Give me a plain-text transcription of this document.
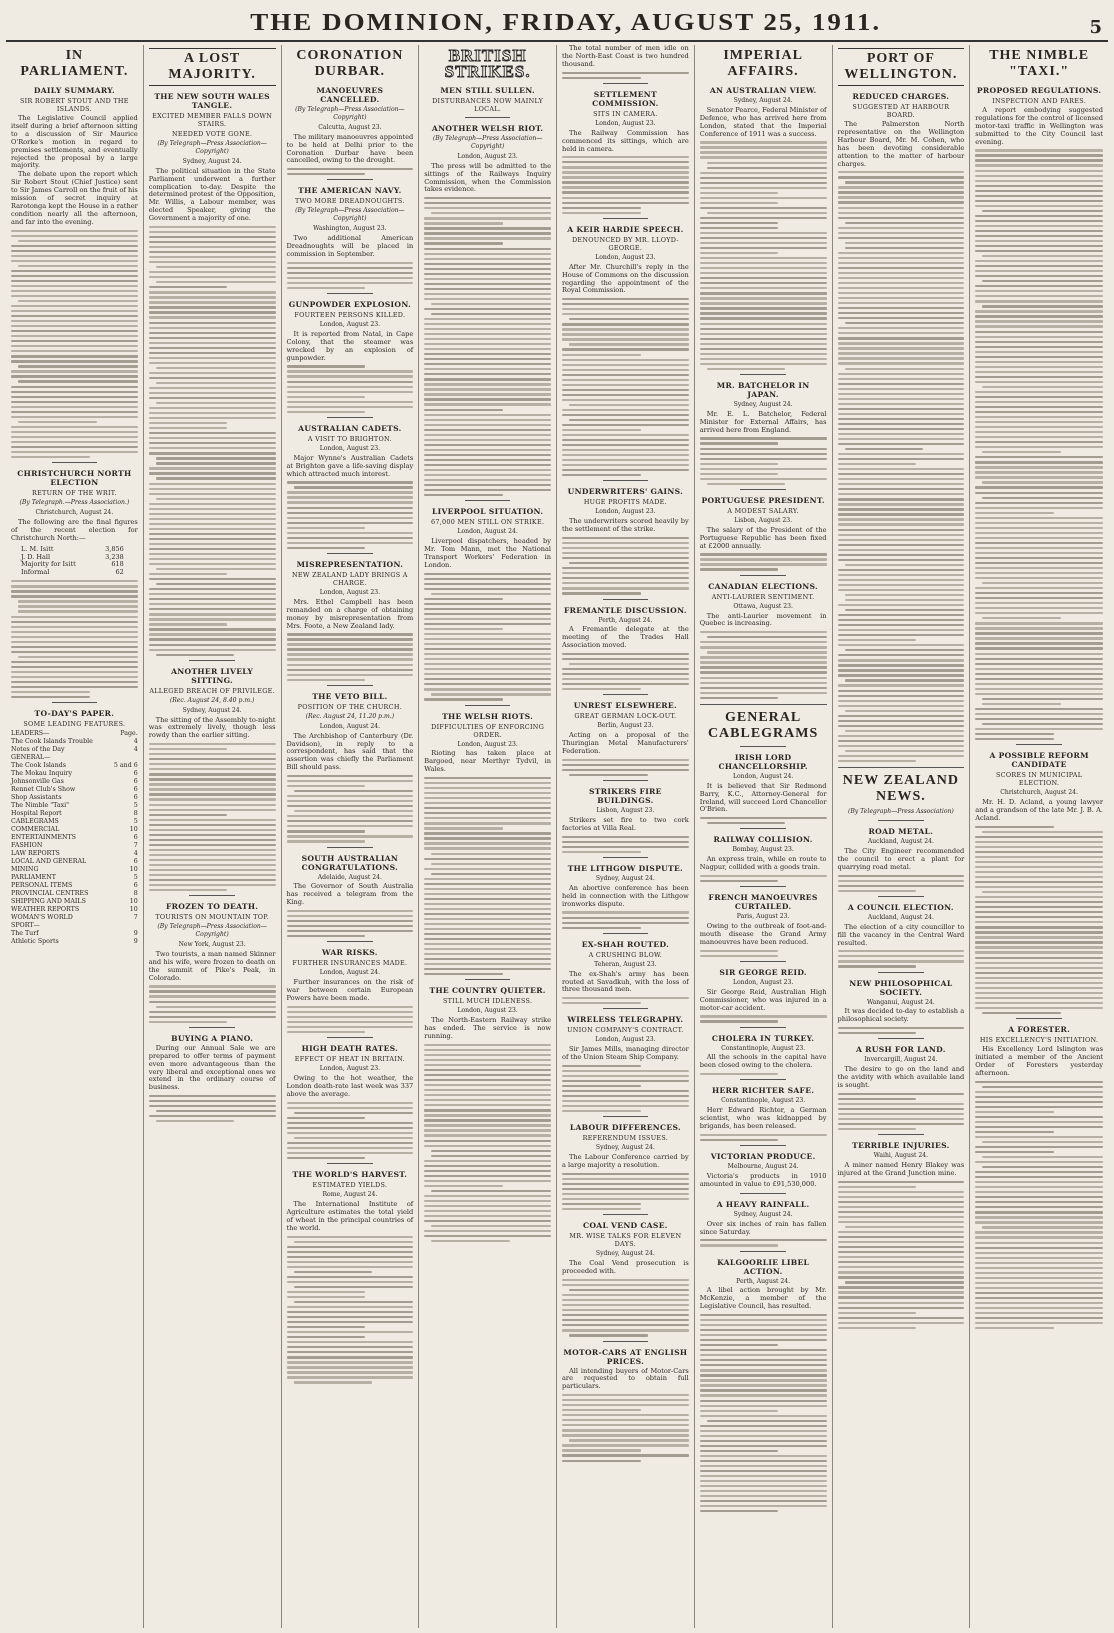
THE DOMINION, FRIDAY, AUGUST 25, 1911.	5
IN PARLIAMENT.
DAILY SUMMARY.
SIR ROBERT STOUT AND THE ISLANDS.
The Legislative Council applied itself during a brief afternoon sitting to a discussion of Sir Maurice O'Rorke's motion in regard to premises settlements, and eventually rejected the proposal by a large majority.
The debate upon the report which Sir Robert Stout (Chief Justice) sent to Sir James Carroll on the fruit of his mission of secret inquiry at Rarotonga kept the House in a rather condition nearly all the afternoon, and far into the evening.
CHRISTCHURCH NORTH ELECTION
RETURN OF THE WRIT.
(By Telegraph.—Press Association.)
Christchurch, August 24.
The following are the final figures of the recent election for Christchurch North:—
L. M. Isitt	3,856
J. D. Hall	3,238
Majority for Isitt	618
Informal	62
TO-DAY'S PAPER.
SOME LEADING FEATURES.
LEADERS—	Page.
The Cook Islands Trouble	4
Notes of the Day	4
GENERAL—
The Cook Islands	5 and 6
The Mokau Inquiry	6
Johnsonville Gas	6
Rennet Club's Show	6
Shop Assistants	6
The Nimble "Taxi"	5
Hospital Report	8
CABLEGRAMS	5
COMMERCIAL	10
ENTERTAINMENTS	6
FASHION	7
LAW REPORTS	4
LOCAL AND GENERAL	6
MINING	10
PARLIAMENT	5
PERSONAL ITEMS	6
PROVINCIAL CENTRES	8
SHIPPING AND MAILS	10
WEATHER REPORTS	10
WOMAN'S WORLD	7
SPORT—
The Turf	9
Athletic Sports	9
A LOST MAJORITY.
THE NEW SOUTH WALES TANGLE.
EXCITED MEMBER FALLS DOWN STAIRS.
NEEDED VOTE GONE.
(By Telegraph—Press Association—Copyright)
Sydney, August 24.
The political situation in the State Parliament underwent a further complication to-day. Despite the determined protest of the Opposition, Mr. Willis, a Labour member, was elected Speaker, giving the Government a majority of one.
ANOTHER LIVELY SITTING.
ALLEGED BREACH OF PRIVILEGE.
(Rec. August 24, 8.40 p.m.)
Sydney, August 24.
The sitting of the Assembly to-night was extremely lively, though less rowdy than the earlier sitting.
FROZEN TO DEATH.
TOURISTS ON MOUNTAIN TOP.
(By Telegraph—Press Association—Copyright)
New York, August 23.
Two tourists, a man named Skinner and his wife, were frozen to death on the summit of Pike's Peak, in Colorado.
BUYING A PIANO.
During our Annual Sale we are prepared to offer terms of payment even more advantageous than the very liberal and exceptional ones we extend in the ordinary course of business.
CORONATION DURBAR.
MANOEUVRES CANCELLED.
(By Telegraph—Press Association—Copyright)
Calcutta, August 23.
The military manoeuvres appointed to be held at Delhi prior to the Coronation Durbar have been cancelled, owing to the drought.
THE AMERICAN NAVY.
TWO MORE DREADNOUGHTS.
(By Telegraph—Press Association—Copyright)
Washington, August 23.
Two additional American Dreadnoughts will be placed in commission in September.
GUNPOWDER EXPLOSION.
FOURTEEN PERSONS KILLED.
London, August 23.
It is reported from Natal, in Cape Colony, that the steamer was wrecked by an explosion of gunpowder.
AUSTRALIAN CADETS.
A VISIT TO BRIGHTON.
London, August 23.
Major Wynne's Australian Cadets at Brighton gave a life-saving display which attracted much interest.
MISREPRESENTATION.
NEW ZEALAND LADY BRINGS A CHARGE.
London, August 23.
Mrs. Ethel Campbell has been remanded on a charge of obtaining money by misrepresentation from Mrs. Foote, a New Zealand lady.
THE VETO BILL.
POSITION OF THE CHURCH.
(Rec. August 24, 11.20 p.m.)
London, August 24.
The Archbishop of Canterbury (Dr. Davidson), in reply to a correspondent, has said that the assertion was chiefly the Parliament Bill should pass.
SOUTH AUSTRALIAN CONGRATULATIONS.
Adelaide, August 24.
The Governor of South Australia has received a telegram from the King.
WAR RISKS.
FURTHER INSURANCES MADE.
London, August 24.
Further insurances on the risk of war between certain European Powers have been made.
HIGH DEATH RATES.
EFFECT OF HEAT IN BRITAIN.
London, August 23.
Owing to the hot weather, the London death-rate last week was 337 above the average.
THE WORLD'S HARVEST.
ESTIMATED YIELDS.
Rome, August 24.
The International Institute of Agriculture estimates the total yield of wheat in the principal countries of the world.
BRITISH STRIKES.
MEN STILL SULLEN.
DISTURBANCES NOW MAINLY LOCAL.
ANOTHER WELSH RIOT.
(By Telegraph—Press Association—Copyright)
London, August 23.
The press will be admitted to the sittings of the Railways Inquiry Commission, when the Commission takes evidence.
LIVERPOOL SITUATION.
67,000 MEN STILL ON STRIKE.
London, August 24.
Liverpool dispatchers, headed by Mr. Tom Mann, met the National Transport Workers' Federation in London.
THE WELSH RIOTS.
DIFFICULTIES OF ENFORCING ORDER.
London, August 23.
Rioting has taken place at Bargoed, near Merthyr Tydvil, in Wales.
THE COUNTRY QUIETER.
STILL MUCH IDLENESS.
London, August 23.
The North-Eastern Railway strike has ended. The service is now running.
The total number of men idle on the North-East Coast is two hundred thousand.
SETTLEMENT COMMISSION.
SITS IN CAMERA.
London, August 23.
The Railway Commission has commenced its sittings, which are held in camera.
A KEIR HARDIE SPEECH.
DENOUNCED BY MR. LLOYD-GEORGE.
London, August 23.
After Mr. Churchill's reply in the House of Commons on the discussion regarding the appointment of the Royal Commission.
UNDERWRITERS' GAINS.
HUGE PROFITS MADE.
London, August 23.
The underwriters scored heavily by the settlement of the strike.
FREMANTLE DISCUSSION.
Perth, August 24.
A Fremantle delegate at the meeting of the Trades Hall Association moved.
UNREST ELSEWHERE.
GREAT GERMAN LOCK-OUT.
Berlin, August 23.
Acting on a proposal of the Thuringian Metal Manufacturers' Federation.
STRIKERS FIRE BUILDINGS.
Lisbon, August 23.
Strikers set fire to two cork factories at Villa Real.
THE LITHGOW DISPUTE.
Sydney, August 24.
An abortive conference has been held in connection with the Lithgow ironworks dispute.
EX-SHAH ROUTED.
A CRUSHING BLOW.
Teheran, August 23.
The ex-Shah's army has been routed at Savadkuh, with the loss of three thousand men.
WIRELESS TELEGRAPHY.
UNION COMPANY'S CONTRACT.
London, August 23.
Sir James Mills, managing director of the Union Steam Ship Company.
LABOUR DIFFERENCES.
REFERENDUM ISSUES.
Sydney, August 24.
The Labour Conference carried by a large majority a resolution.
COAL VEND CASE.
MR. WISE TALKS FOR ELEVEN DAYS.
Sydney, August 24.
The Coal Vend prosecution is proceeded with.
MOTOR-CARS AT ENGLISH PRICES.
All intending buyers of Motor-Cars are requested to obtain full particulars.
IMPERIAL AFFAIRS.
AN AUSTRALIAN VIEW.
Sydney, August 24.
Senator Pearce, Federal Minister of Defence, who has arrived here from London, stated that the Imperial Conference of 1911 was a success.
MR. BATCHELOR IN JAPAN.
Sydney, August 24.
Mr. E. L. Batchelor, Federal Minister for External Affairs, has arrived here from England.
PORTUGUESE PRESIDENT.
A MODEST SALARY.
Lisbon, August 23.
The salary of the President of the Portuguese Republic has been fixed at £2000 annually.
CANADIAN ELECTIONS.
ANTI-LAURIER SENTIMENT.
Ottawa, August 23.
The anti-Laurier movement in Quebec is increasing.
GENERAL CABLEGRAMS
IRISH LORD CHANCELLORSHIP.
London, August 24.
It is believed that Sir Redmond Barry, K.C., Attorney-General for Ireland, will succeed Lord Chancellor O'Brien.
RAILWAY COLLISION.
Bombay, August 23.
An express train, while en route to Nagpur, collided with a goods train.
FRENCH MANOEUVRES CURTAILED.
Paris, August 23.
Owing to the outbreak of foot-and-mouth disease the Grand Army manoeuvres have been reduced.
SIR GEORGE REID.
London, August 23.
Sir George Reid, Australian High Commissioner, who was injured in a motor-car accident.
CHOLERA IN TURKEY.
Constantinople, August 23.
All the schools in the capital have been closed owing to the cholera.
HERR RICHTER SAFE.
Constantinople, August 23.
Herr Edward Richter, a German scientist, who was kidnapped by brigands, has been released.
VICTORIAN PRODUCE.
Melbourne, August 24.
Victoria's products in 1910 amounted in value to £91,530,000.
A HEAVY RAINFALL.
Sydney, August 24.
Over six inches of rain has fallen since Saturday.
KALGOORLIE LIBEL ACTION.
Perth, August 24.
A libel action brought by Mr. McKenzie, a member of the Legislative Council, has resulted.
PORT OF WELLINGTON.
REDUCED CHARGES.
SUGGESTED AT HARBOUR BOARD.
The Palmerston North representative on the Wellington Harbour Board, Mr. M. Cohen, who has been devoting considerable attention to the matter of harbour charges.
NEW ZEALAND NEWS.
(By Telegraph—Press Association)
ROAD METAL.
Auckland, August 24.
The City Engineer recommended the council to erect a plant for quarrying road metal.
A COUNCIL ELECTION.
Auckland, August 24.
The election of a city councillor to fill the vacancy in the Central Ward resulted.
NEW PHILOSOPHICAL SOCIETY.
Wanganui, August 24.
It was decided to-day to establish a philosophical society.
A RUSH FOR LAND.
Invercargill, August 24.
The desire to go on the land and the avidity with which available land is sought.
TERRIBLE INJURIES.
Waihi, August 24.
A miner named Henry Blakey was injured at the Grand Junction mine.
THE NIMBLE "TAXI."
PROPOSED REGULATIONS.
INSPECTION AND FARES.
A report embodying suggested regulations for the control of licensed motor-taxi traffic in Wellington was submitted to the City Council last evening.
A POSSIBLE REFORM CANDIDATE
SCORES IN MUNICIPAL ELECTION.
Christchurch, August 24.
Mr. H. D. Acland, a young lawyer and a grandson of the late Mr. J. B. A. Acland.
A FORESTER.
HIS EXCELLENCY'S INITIATION.
His Excellency Lord Islington was initiated a member of the Ancient Order of Foresters yesterday afternoon.
